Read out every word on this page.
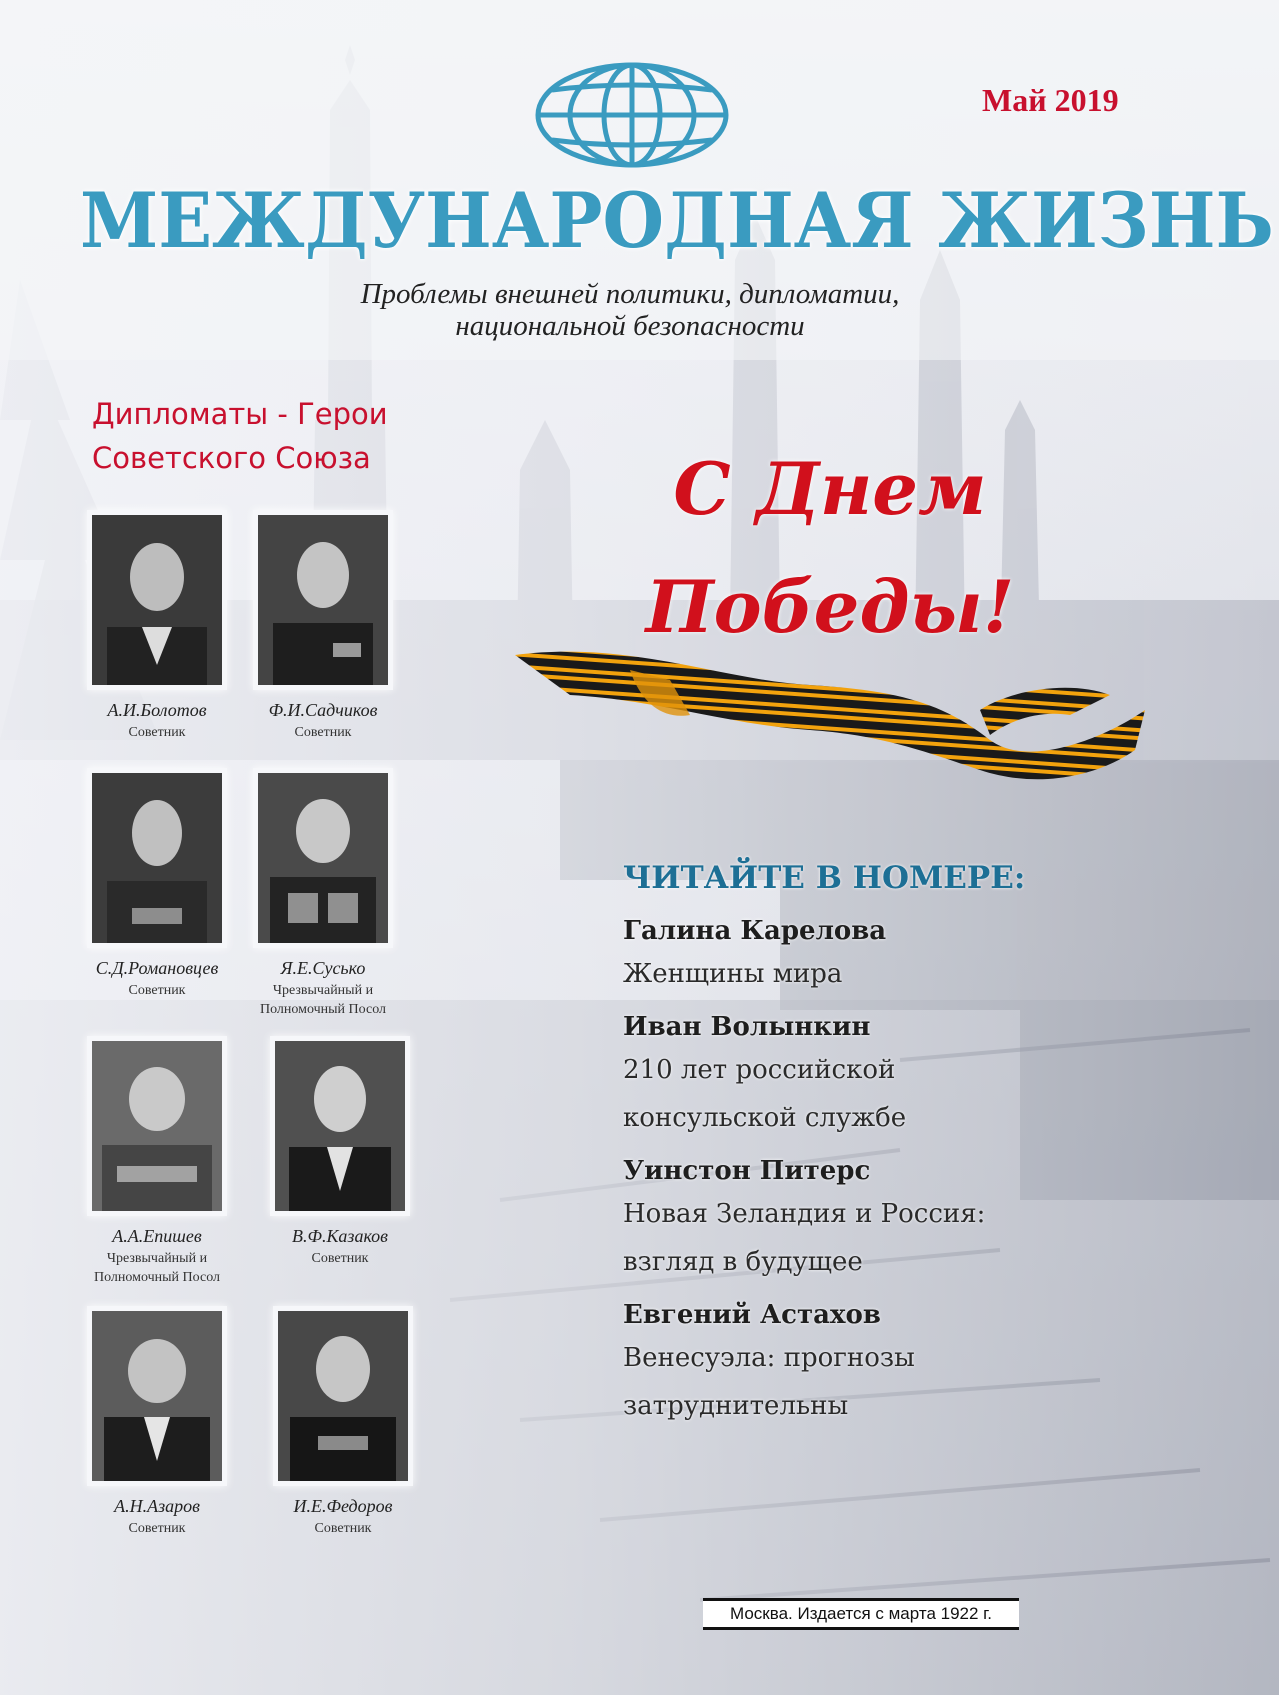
Май 2019
МЕЖДУНАРОДНАЯ ЖИЗНЬ
Проблемы внешней политики, дипломатии,
национальной безопасности
Дипломаты - Герои
Советского Союза
А.И.Болотов
Советник
Ф.И.Садчиков
Советник
С.Д.Романовцев
Советник
Я.Е.Сусько
Чрезвычайный и Полномочный Посол
А.А.Епишев
Чрезвычайный и Полномочный Посол
В.Ф.Казаков
Советник
А.Н.Азаров
Советник
И.Е.Федоров
Советник
С Днем
Победы!
ЧИТАЙТЕ В НОМЕРЕ:
Галина Карелова
Женщины мира
Иван Волынкин
210 лет российской
консульской службе
Уинстон Питерс
Новая Зеландия и Россия:
взгляд в будущее
Евгений Астахов
Венесуэла: прогнозы
затруднительны
Москва. Издается с марта 1922 г.
